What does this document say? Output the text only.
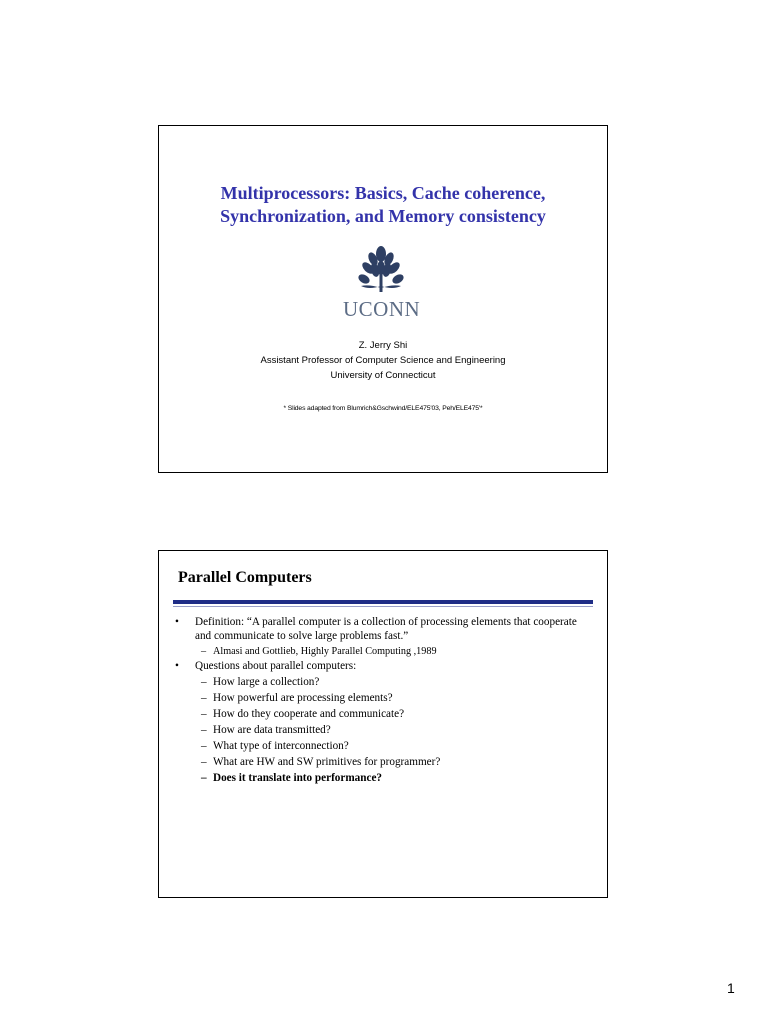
Multiprocessors: Basics, Cache coherence,
Synchronization, and Memory consistency
UCONN
Z. Jerry Shi
Assistant Professor of Computer Science and Engineering
University of Connecticut
* Slides adapted from Blumrich&Gschwind/ELE475'03, Peh/ELE475'*
Parallel Computers
• Definition: “A parallel computer is a collection of processing elements that cooperate and communicate to solve large problems fast.”
– Almasi and Gottlieb, Highly Parallel Computing ,1989
• Questions about parallel computers:
– How large a collection?
– How powerful are processing elements?
– How do they cooperate and communicate?
– How are data transmitted?
– What type of interconnection?
– What are HW and SW primitives for programmer?
– Does it translate into performance?
1
